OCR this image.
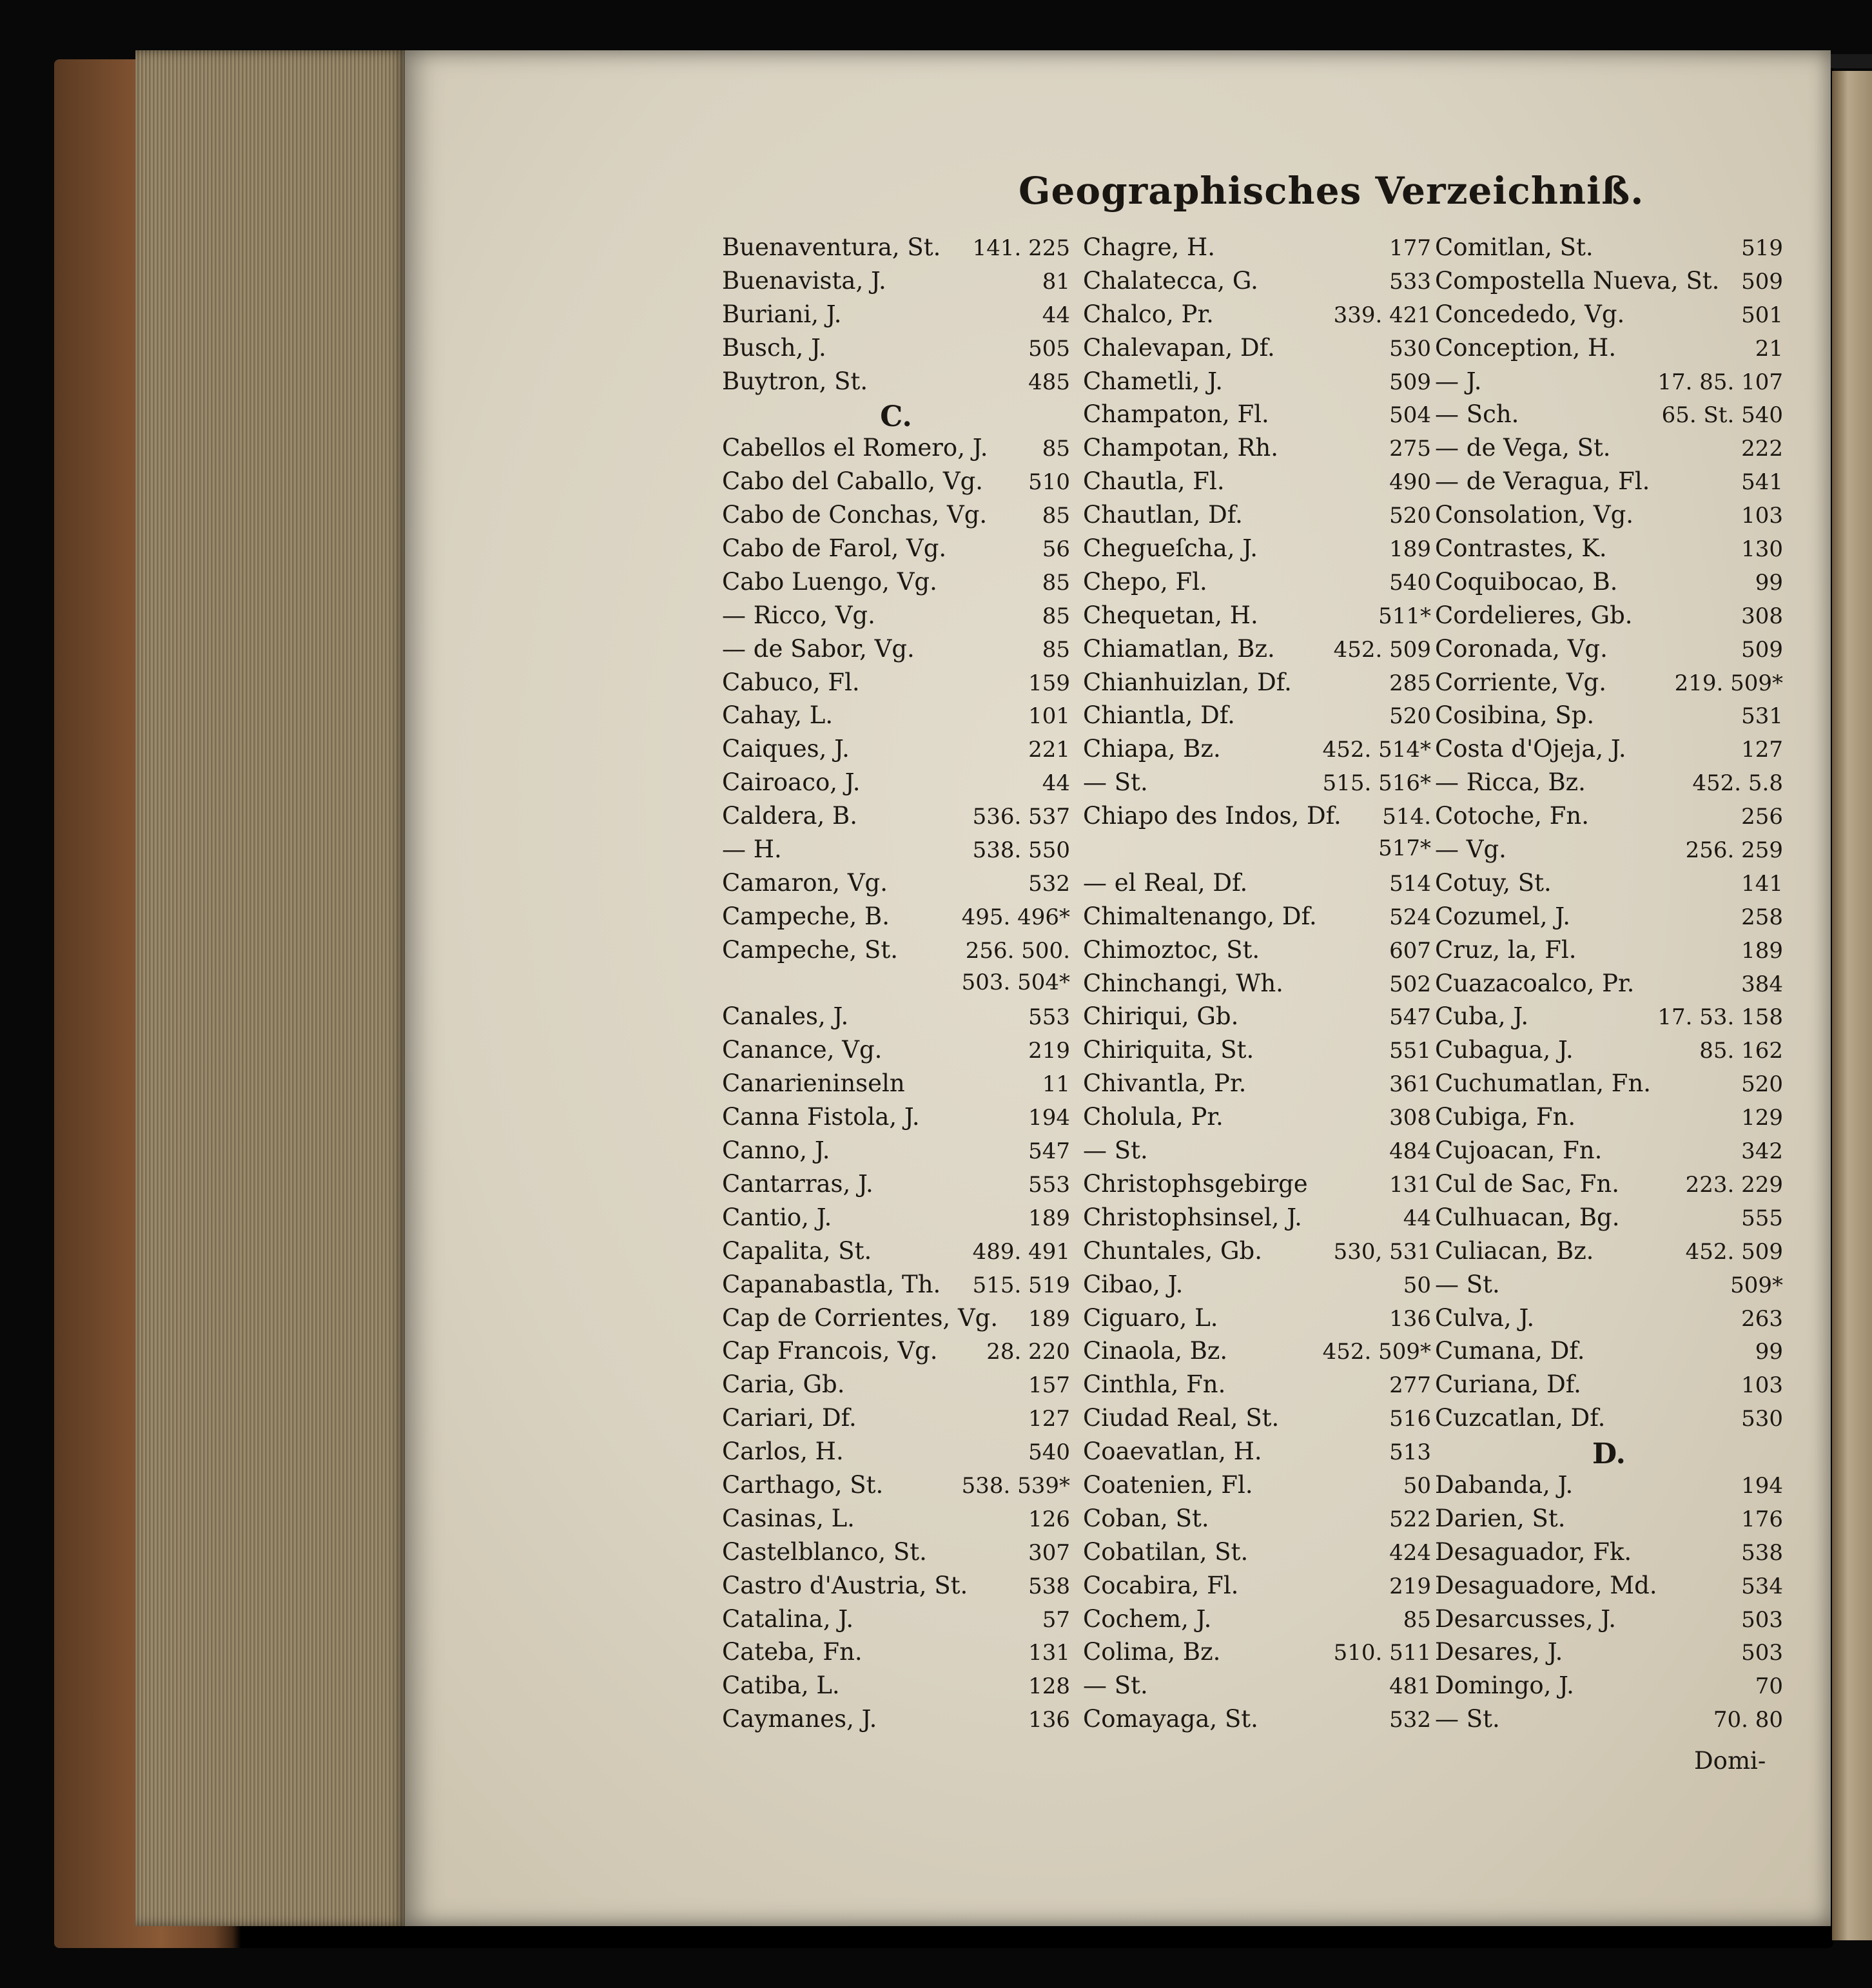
Geographisches Verzeichniß.
Buenaventura, St. 141. 225
Buenavista, J.	81
Buriani, J.	44
Busch, J.	505
Buytron, St.	485
C.
Cabellos el Romero, J. 85
Cabo del Caballo, Vg. 510
Cabo de Conchas, Vg.	85
Cabo de Farol, Vg.	56
Cabo Luengo, Vg.	85
— Ricco, Vg.	85
— de Sabor, Vg.	85
Cabuco, Fl.	159
Cahay, L.	101
Caiques, J.	221
Cairoaco, J.	44
Caldera, B.	536. 537
— H.	538. 550
Camaron, Vg.	532
Campeche, B.	495. 496*
Campeche, St.	256. 500.
503. 504*
Canales, J.	553
Canance, Vg.	219
Canarieninseln	11
Canna Fistola, J.	194
Canno, J.	547
Cantarras, J.	553
Cantio, J.	189
Capalita, St.	489. 491
Capanabastla, Th. 515. 519
Cap de Corrientes, Vg. 189
Cap Francois, Vg. 28. 220
Caria, Gb.	157
Cariari, Df.	127
Carlos, H.	540
Carthago, St.	538. 539*
Casinas, L.	126
Castelblanco, St.	307
Castro d'Austria, St.	538
Catalina, J.	57
Cateba, Fn.	131
Catiba, L.	128
Caymanes, J.	136
Chagre, H.	177
Chalatecca, G.	533
Chalco, Pr.	339. 421
Chalevapan, Df.	530
Chametli, J.	509
Champaton, Fl.	504
Champotan, Rh.	275
Chautla, Fl.	490
Chautlan, Df.	520
Chegueſcha, J.	189
Chepo, Fl.	540
Chequetan, H.	511*
Chiamatlan, Bz.	452. 509
Chianhuizlan, Df.	285
Chiantla, Df.	520
Chiapa, Bz.	452. 514*
— St.	515. 516*
Chiapo des Indos, Df. 514.
517*
— el Real, Df.	514
Chimaltenango, Df.	524
Chimoztoc, St.	607
Chinchangi, Wh.	502
Chiriqui, Gb.	547
Chiriquita, St.	551
Chivantla, Pr.	361
Cholula, Pr.	308
— St.	484
Christophsgebirge	131
Christophsinsel, J.	44
Chuntales, Gb.	530, 531
Cibao, J.	50
Ciguaro, L.	136
Cinaola, Bz.	452. 509*
Cinthla, Fn.	277
Ciudad Real, St.	516
Coaevatlan, H.	513
Coatenien, Fl.	50
Coban, St.	522
Cobatilan, St.	424
Cocabira, Fl.	219
Cochem, J.	85
Colima, Bz.	510. 511
— St.	481
Comayaga, St.	532
Comitlan, St.	519
Compostella Nueva, St. 509
Concededo, Vg.	501
Conception, H.	21
— J.	17. 85. 107
— Sch.	65. St. 540
— de Vega, St.	222
— de Veragua, Fl.	541
Consolation, Vg.	103
Contrastes, K.	130
Coquibocao, B.	99
Cordelieres, Gb.	308
Coronada, Vg.	509
Corriente, Vg.	219. 509*
Cosibina, Sp.	531
Costa d'Ojeja, J.	127
— Ricca, Bz.	452. 5.8
Cotoche, Fn.	256
— Vg.	256. 259
Cotuy, St.	141
Cozumel, J.	258
Cruz, la, Fl.	189
Cuazacoalco, Pr.	384
Cuba, J.	17. 53. 158
Cubagua, J.	85. 162
Cuchumatlan, Fn.	520
Cubiga, Fn.	129
Cujoacan, Fn.	342
Cul de Sac, Fn.	223. 229
Culhuacan, Bg.	555
Culiacan, Bz.	452. 509
— St.	509*
Culva, J.	263
Cumana, Df.	99
Curiana, Df.	103
Cuzcatlan, Df.	530
D.
Dabanda, J.	194
Darien, St.	176
Desaguador, Fk.	538
Desaguadore, Md.	534
Desarcusses, J.	503
Desares, J.	503
Domingo, J.	70
— St.	70. 80
Domi-
